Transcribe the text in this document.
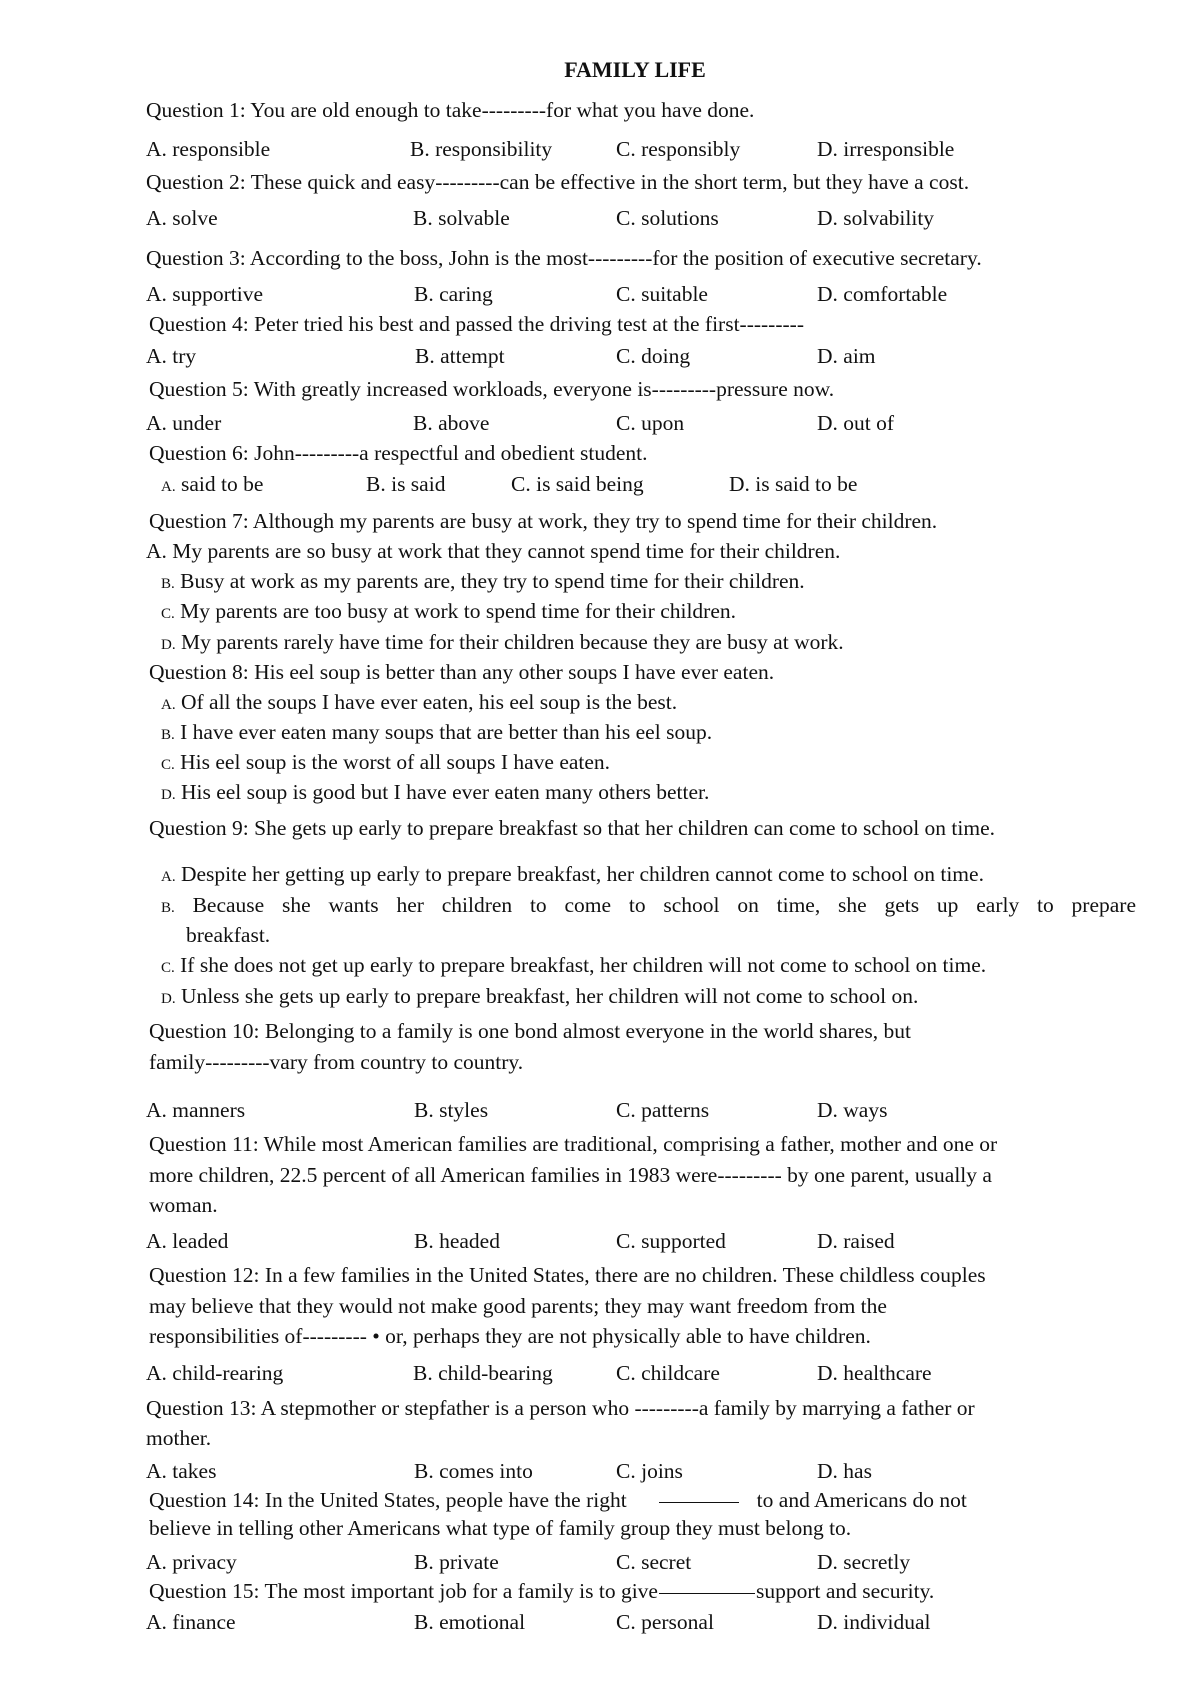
FAMILY LIFE
Question 1: You are old enough to take---------for what you have done.
A. responsible	B. responsibility	C. responsibly	D. irresponsible
Question 2: These quick and easy---------can be effective in the short term, but they have a cost.
A. solve	B. solvable	C. solutions	D. solvability
Question 3: According to the boss, John is the most---------for the position of executive secretary.
A. supportive	B. caring	C. suitable	D. comfortable
Question 4: Peter tried his best and passed the driving test at the first---------
A. try	B. attempt	C. doing	D. aim
Question 5: With greatly increased workloads, everyone is---------pressure now.
A. under	B. above	C. upon	D. out of
Question 6: John---------a respectful and obedient student.
A. said to be	B. is said	C. is said being	D. is said to be
Question 7: Although my parents are busy at work, they try to spend time for their children.
A. My parents are so busy at work that they cannot spend time for their children.
B. Busy at work as my parents are, they try to spend time for their children.
C. My parents are too busy at work to spend time for their children.
D. My parents rarely have time for their children because they are busy at work.
Question 8: His eel soup is better than any other soups I have ever eaten.
A. Of all the soups I have ever eaten, his eel soup is the best.
B. I have ever eaten many soups that are better than his eel soup.
C. His eel soup is the worst of all soups I have eaten.
D. His eel soup is good but I have ever eaten many others better.
Question 9: She gets up early to prepare breakfast so that her children can come to school on time.
A. Despite her getting up early to prepare breakfast, her children cannot come to school on time.
B. Because she wants her children to come to school on time, she gets up early to prepare
breakfast.
C. If she does not get up early to prepare breakfast, her children will not come to school on time.
D. Unless she gets up early to prepare breakfast, her children will not come to school on.
Question 10: Belonging to a family is one bond almost everyone in the world shares, but
family---------vary from country to country.
A. manners	B. styles	C. patterns	D. ways
Question 11: While most American families are traditional, comprising a father, mother and one or
more children, 22.5 percent of all American families in 1983 were--------- by one parent, usually a
woman.
A. leaded	B. headed	C. supported	D. raised
Question 12: In a few families in the United States, there are no children. These childless couples
may believe that they would not make good parents; they may want freedom from the
responsibilities of--------- • or, perhaps they are not physically able to have children.
A. child-rearing	B. child-bearing	C. childcare	D. healthcare
Question 13: A stepmother or stepfather is a person who ---------a family by marrying a father or
mother.
A. takes	B. comes into	C. joins	D. has
Question 14: In the United States, people have the right	to and Americans do not
believe in telling other Americans what type of family group they must belong to.
A. privacy	B. private	C. secret	D. secretly
Question 15: The most important job for a family is to give	support and security.
A. finance	B. emotional	C. personal	D. individual
